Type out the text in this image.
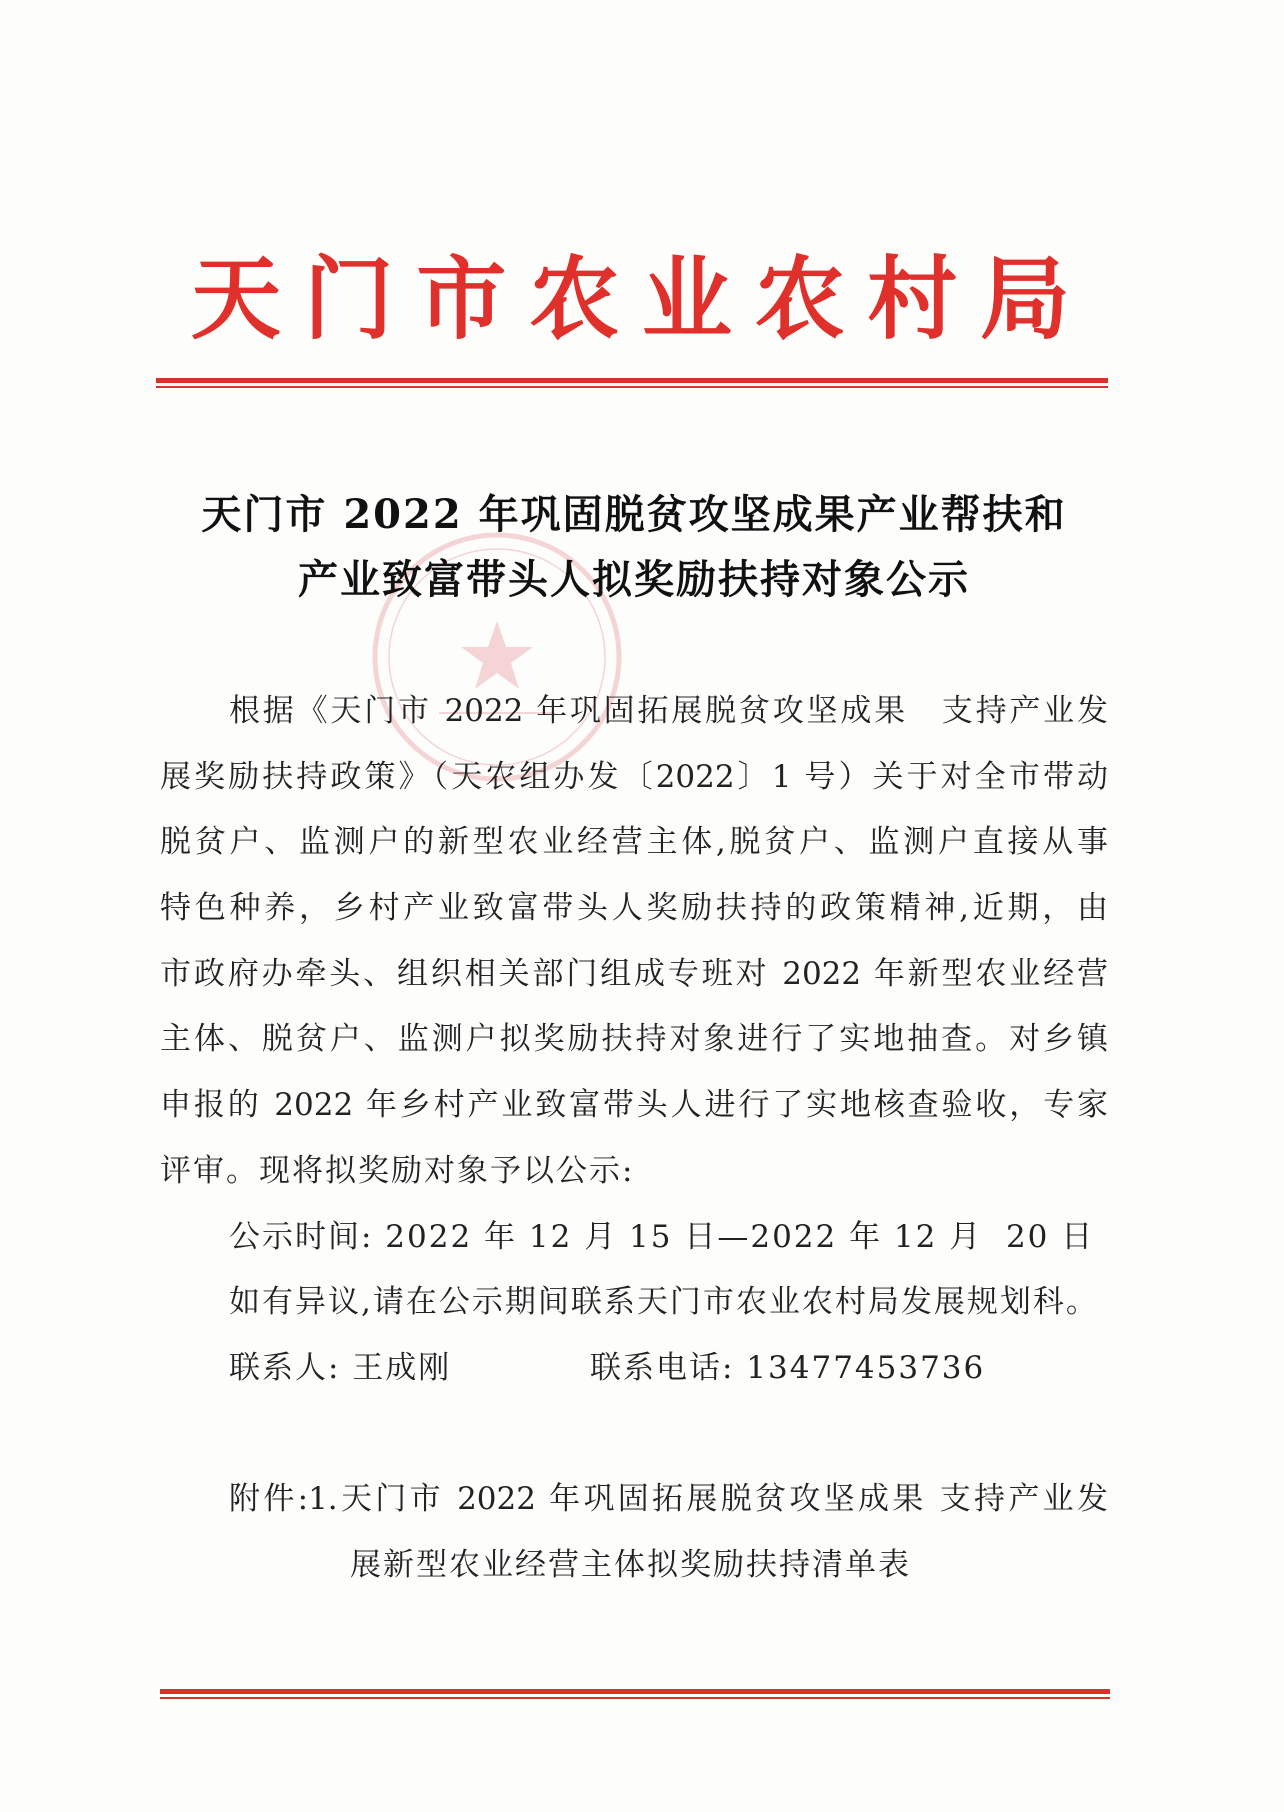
天门市农业农村局
天门市 2022 年巩固脱贫攻坚成果产业帮扶和
产业致富带头人拟奖励扶持对象公示
根据《天门市 2022 年巩固拓展脱贫攻坚成果　支持产业发
展奖励扶持政策》（天农组办发〔2022〕1 号）关于对全市带动
脱贫户、监测户的新型农业经营主体,脱贫户、监测户直接从事
特色种养，乡村产业致富带头人奖励扶持的政策精神,近期，由
市政府办牵头、组织相关部门组成专班对 2022 年新型农业经营
主体、脱贫户、监测户拟奖励扶持对象进行了实地抽查。对乡镇
申报的 2022 年乡村产业致富带头人进行了实地核查验收，专家
评审。现将拟奖励对象予以公示:
公示时间: 2022 年 12 月 15 日—2022 年 12 月  20 日
如有异议,请在公示期间联系天门市农业农村局发展规划科。
联系人: 王成刚	联系电话: 13477453736
附件:1.天门市 2022 年巩固拓展脱贫攻坚成果 支持产业发
展新型农业经营主体拟奖励扶持清单表
